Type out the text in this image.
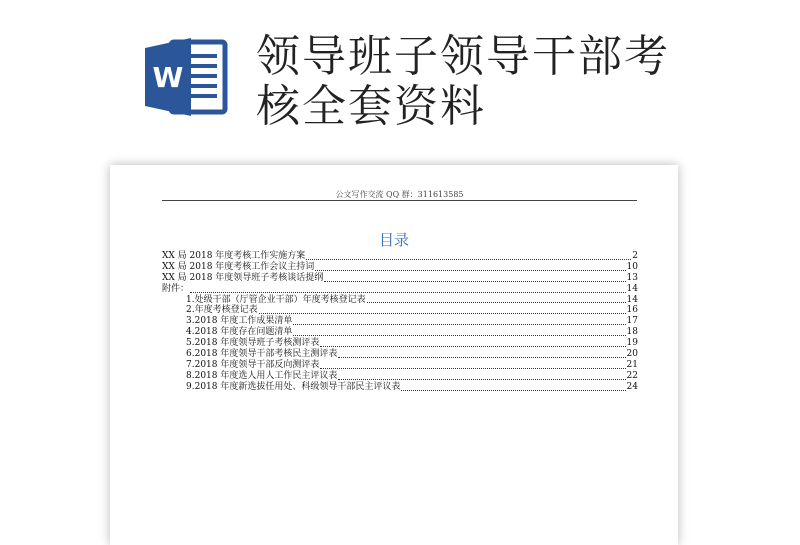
W 领导班子领导干部考核全套资料
公文写作交流 QQ 群：311613585
目录
XX 局 2018 年度考核工作实施方案	2
XX 局 2018 年度考核工作会议主持词	10
XX 局 2018 年度领导班子考核谈话提纲	13
附件：	14
1.处级干部（厅管企业干部）年度考核登记表	14
2.年度考核登记表	16
3.2018 年度工作成果清单	17
4.2018 年度存在问题清单	18
5.2018 年度领导班子考核测评表	19
6.2018 年度领导干部考核民主测评表	20
7.2018 年度领导干部反向测评表	21
8.2018 年度选人用人工作民主评议表	22
9.2018 年度新选拔任用处、科级领导干部民主评议表	24
